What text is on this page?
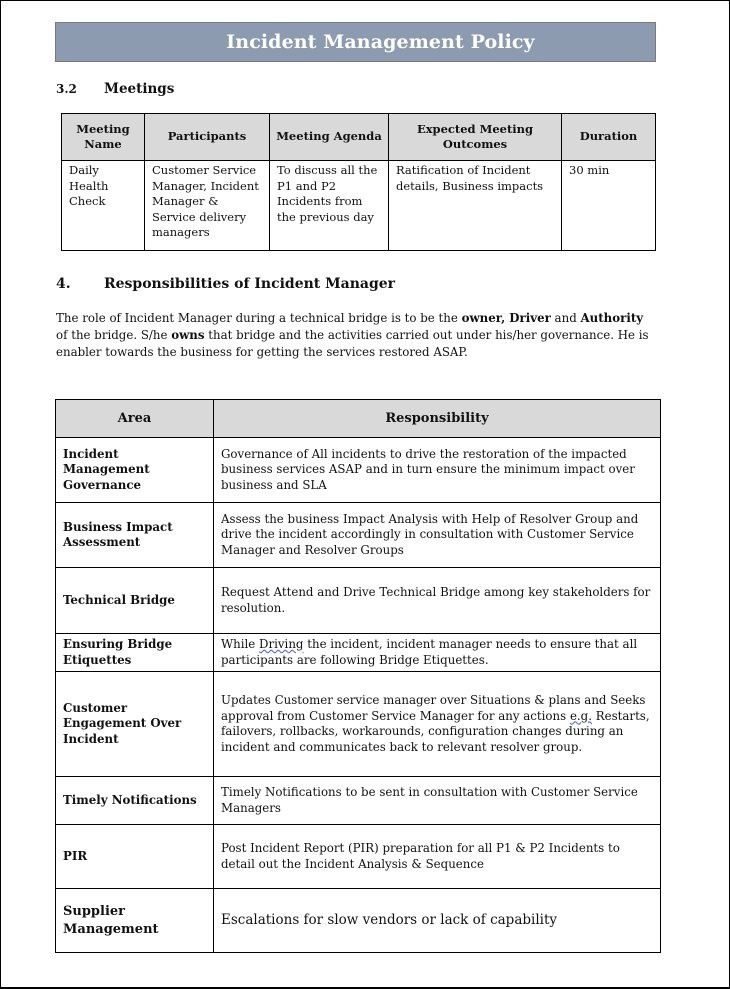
Incident Management Policy
3.2	Meetings
Meeting Name	Participants	Meeting Agenda	Expected Meeting Outcomes	Duration
Daily Health Check	Customer Service Manager, Incident Manager & Service delivery managers	To discuss all the P1 and P2 Incidents from the previous day	Ratification of Incident details, Business impacts	30 min
4.	Responsibilities of Incident Manager
The role of Incident Manager during a technical bridge is to be the owner, Driver and Authority of the bridge. S/he owns that bridge and the activities carried out under his/her governance. He is enabler towards the business for getting the services restored ASAP.
Area	Responsibility
Incident Management Governance	Governance of All incidents to drive the restoration of the impacted business services ASAP and in turn ensure the minimum impact over business and SLA
Business Impact Assessment	Assess the business Impact Analysis with Help of Resolver Group and drive the incident accordingly in consultation with Customer Service Manager and Resolver Groups
Technical Bridge	Request Attend and Drive Technical Bridge among key stakeholders for resolution.
Ensuring Bridge Etiquettes	While Driving the incident, incident manager needs to ensure that all participants are following Bridge Etiquettes.
Customer Engagement Over Incident	Updates Customer service manager over Situations & plans and Seeks approval from Customer Service Manager for any actions e.g. Restarts, failovers, rollbacks, workarounds, configuration changes during an incident and communicates back to relevant resolver group.
Timely Notifications	Timely Notifications to be sent in consultation with Customer Service Managers
PIR	Post Incident Report (PIR) preparation for all P1 & P2 Incidents to detail out the Incident Analysis & Sequence
Supplier Management	Escalations for slow vendors or lack of capability
